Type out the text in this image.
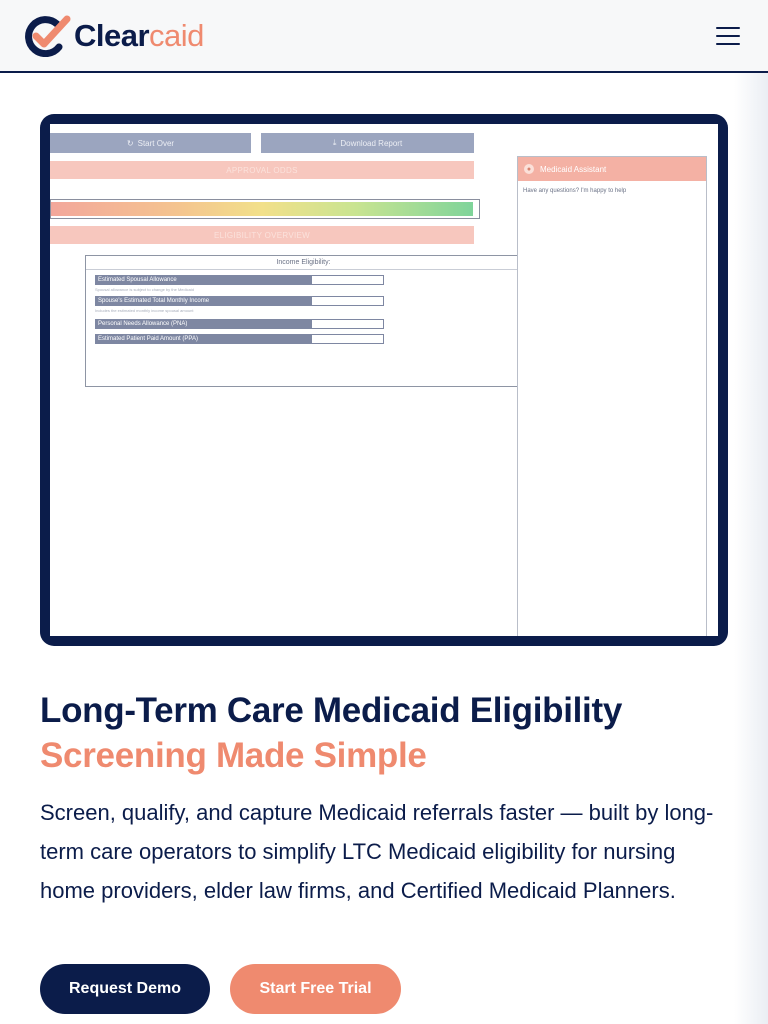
Clearcaid
↻ Start Over	⤓ Download Report
APPROVAL ODDS
ELIGIBILITY OVERVIEW
Income Eligibility:
Estimated Spousal Allowance
Spousal allowance is subject to change by the Medicaid
Spouse's Estimated Total Monthly Income
Includes the estimated monthly income spousal amount
Personal Needs Allowance (PNA)
Estimated Patient Paid Amount (PPA)
●	Medicaid Assistant
Have any questions? I'm happy to help
Long-Term Care Medicaid Eligibility
Screening Made Simple

Screen, qualify, and capture Medicaid referrals faster — built by long-term care operators to simplify LTC Medicaid eligibility for nursing home providers, elder law firms, and Certified Medicaid Planners.

Request Demo	Start Free Trial
